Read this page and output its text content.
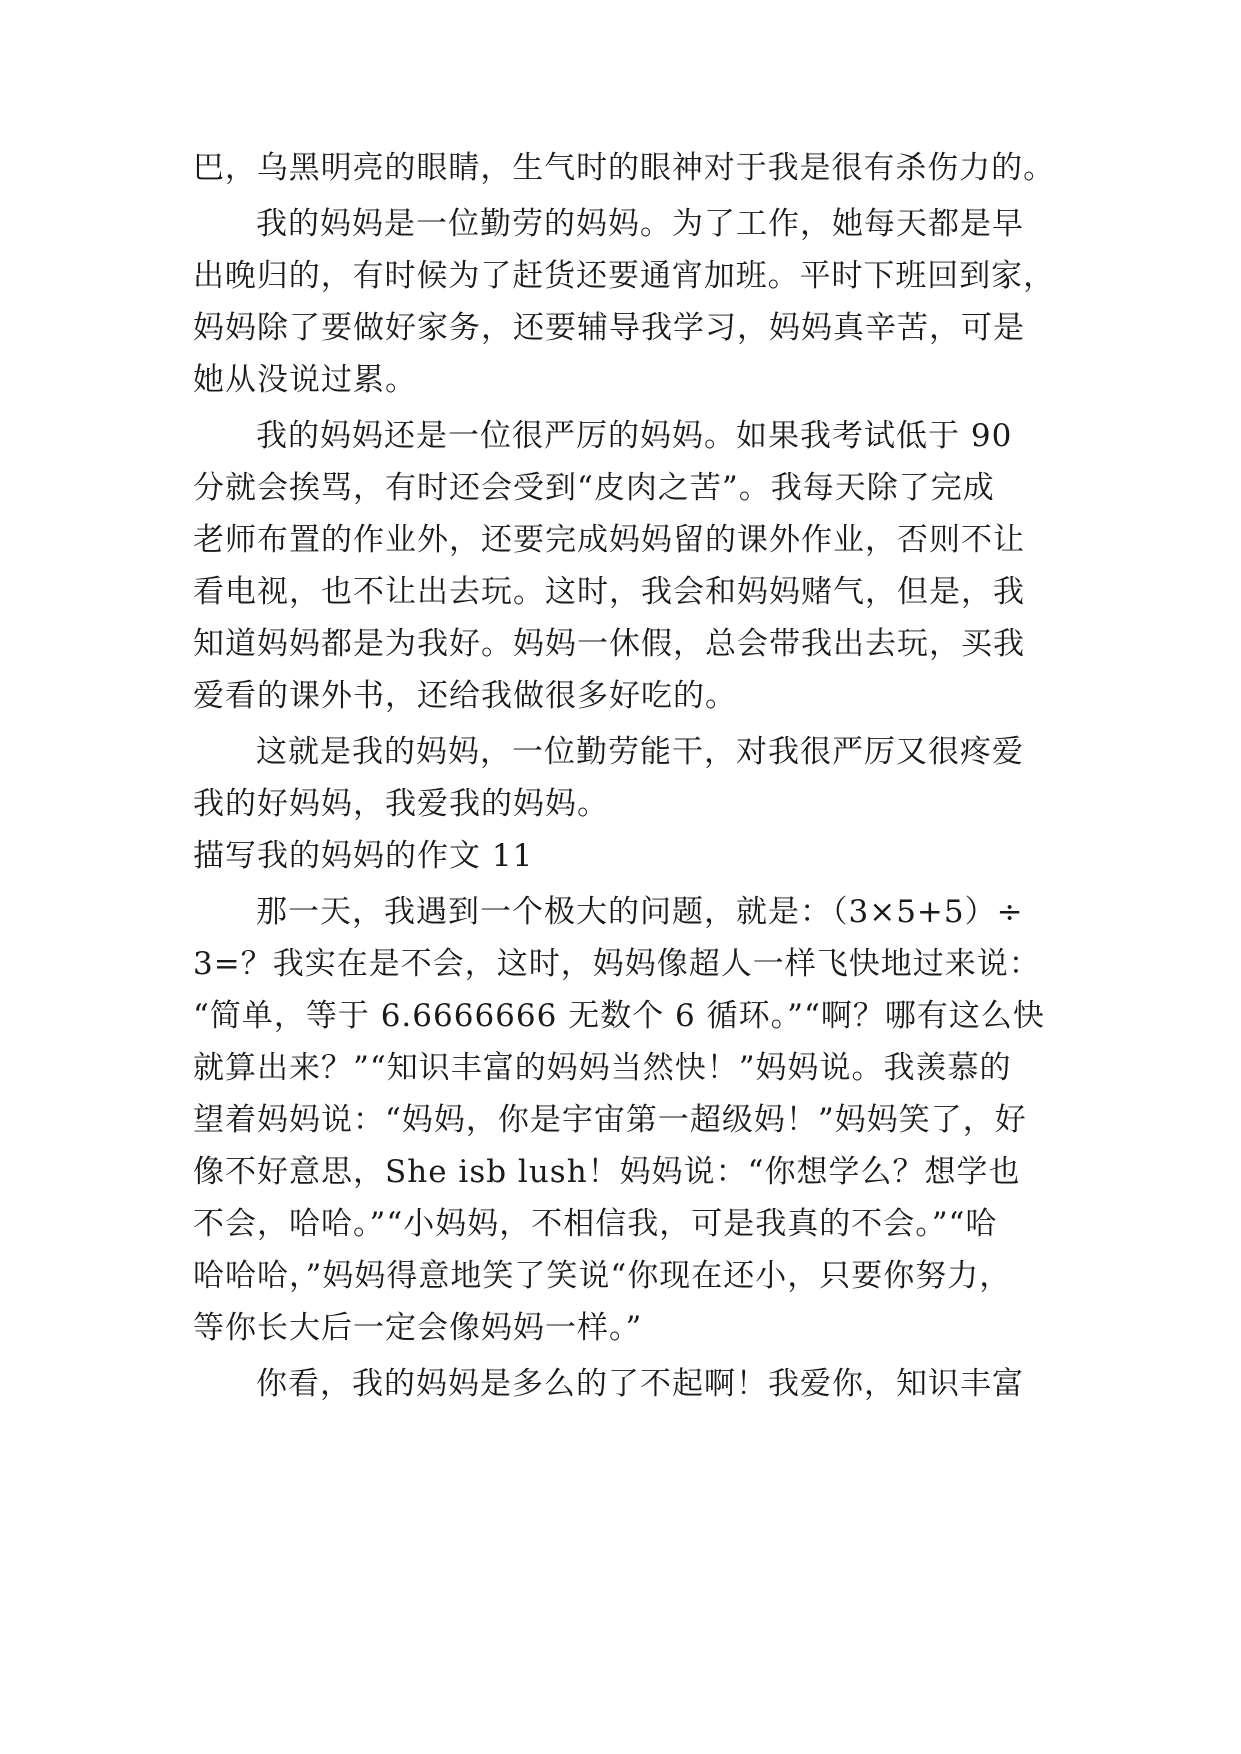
巴，乌黑明亮的眼睛，生气时的眼神对于我是很有杀伤力的。
我的妈妈是一位勤劳的妈妈。为了工作，她每天都是早
出晚归的，有时候为了赶货还要通宵加班。平时下班回到家，
妈妈除了要做好家务，还要辅导我学习，妈妈真辛苦，可是
她从没说过累。
我的妈妈还是一位很严厉的妈妈。如果我考试低于 90
分就会挨骂，有时还会受到“皮肉之苦”。我每天除了完成
老师布置的作业外，还要完成妈妈留的课外作业，否则不让
看电视，也不让出去玩。这时，我会和妈妈赌气，但是，我
知道妈妈都是为我好。妈妈一休假，总会带我出去玩，买我
爱看的课外书，还给我做很多好吃的。
这就是我的妈妈，一位勤劳能干，对我很严厉又很疼爱
我的好妈妈，我爱我的妈妈。
描写我的妈妈的作文 11
那一天，我遇到一个极大的问题，就是：（3×5+5）÷
3=？我实在是不会，这时，妈妈像超人一样飞快地过来说：
“简单，等于 6.6666666 无数个 6 循环。”“啊？哪有这么快
就算出来？”“知识丰富的妈妈当然快！”妈妈说。我羡慕的
望着妈妈说：“妈妈，你是宇宙第一超级妈！”妈妈笑了，好
像不好意思，She isb lush！妈妈说：“你想学么？想学也
不会，哈哈。”“小妈妈，不相信我，可是我真的不会。”“哈
哈哈哈，”妈妈得意地笑了笑说“你现在还小，只要你努力，
等你长大后一定会像妈妈一样。”
你看，我的妈妈是多么的了不起啊！我爱你，知识丰富
